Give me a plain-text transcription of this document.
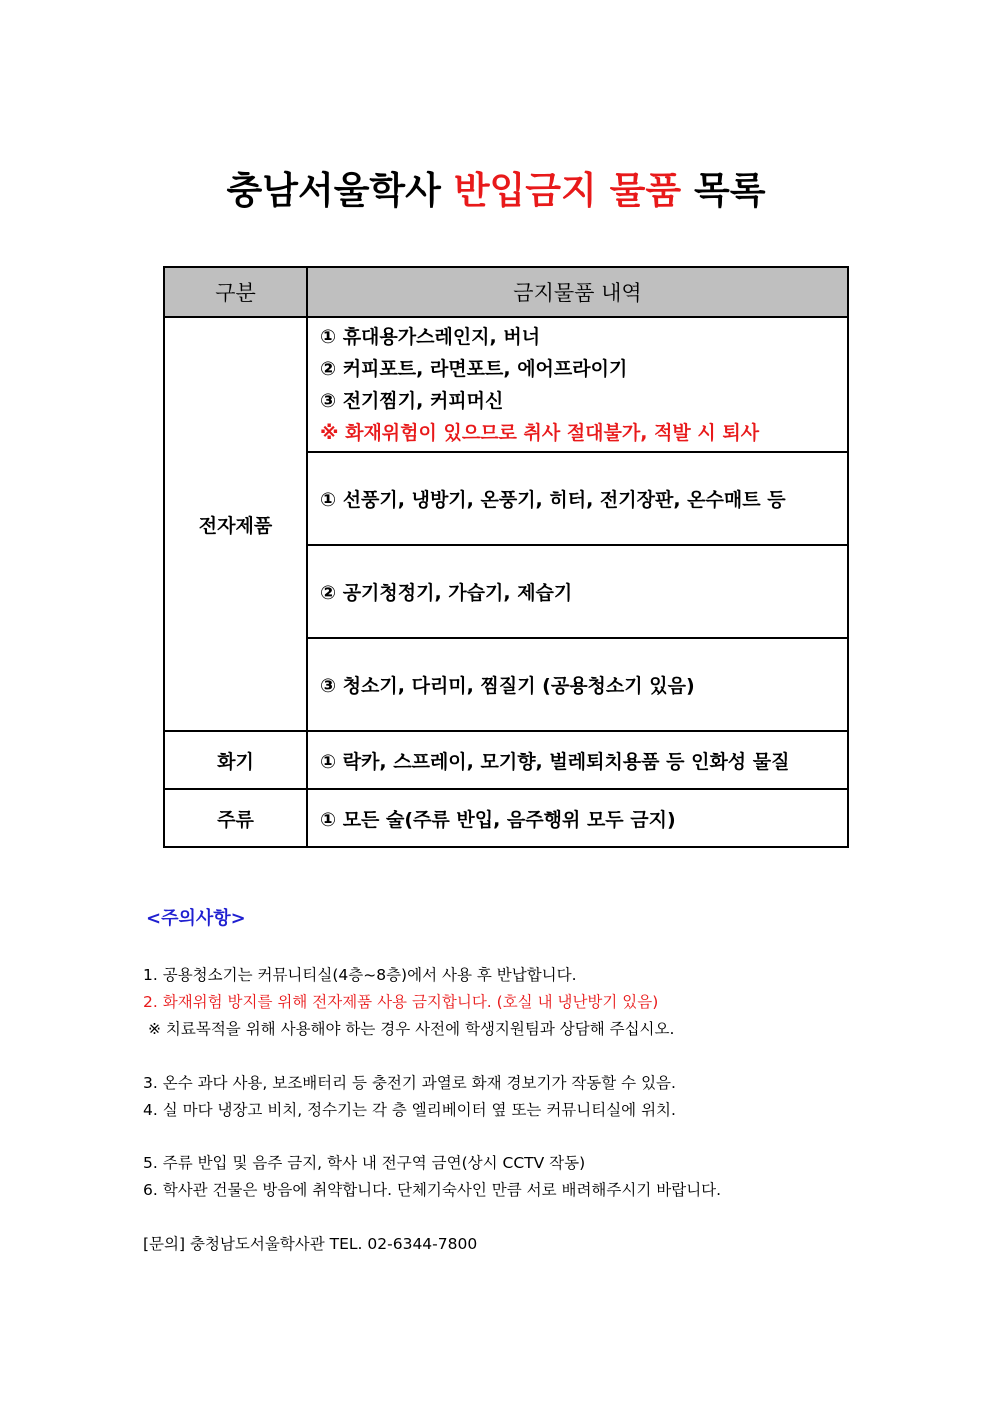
충남서울학사 반입금지 물품 목록
구분	금지물품 내역
전자제품	① 휴대용가스레인지, 버너
② 커피포트, 라면포트, 에어프라이기
③ 전기찜기, 커피머신
※ 화재위험이 있으므로 취사 절대불가, 적발 시 퇴사

	① 선풍기, 냉방기, 온풍기, 히터, 전기장판, 온수매트 등
	② 공기청정기, 가습기, 제습기
	③ 청소기, 다리미, 찜질기 (공용청소기 있음)
화기	① 락카, 스프레이, 모기향, 벌레퇴치용품 등 인화성 물질
주류	① 모든 술(주류 반입, 음주행위 모두 금지)
<주의사항>
1. 공용청소기는 커뮤니티실(4층~8층)에서 사용 후 반납합니다.
2. 화재위험 방지를 위해 전자제품 사용 금지합니다. (호실 내 냉난방기 있음)
※ 치료목적을 위해 사용해야 하는 경우 사전에 학생지원팀과 상담해 주십시오.
3. 온수 과다 사용, 보조배터리 등 충전기 과열로 화재 경보기가 작동할 수 있음.
4. 실 마다 냉장고 비치, 정수기는 각 층 엘리베이터 옆 또는 커뮤니티실에 위치.
5. 주류 반입 및 음주 금지, 학사 내 전구역 금연(상시 CCTV 작동)
6. 학사관 건물은 방음에 취약합니다. 단체기숙사인 만큼 서로 배려해주시기 바랍니다.
[문의] 충청남도서울학사관 TEL. 02-6344-7800
